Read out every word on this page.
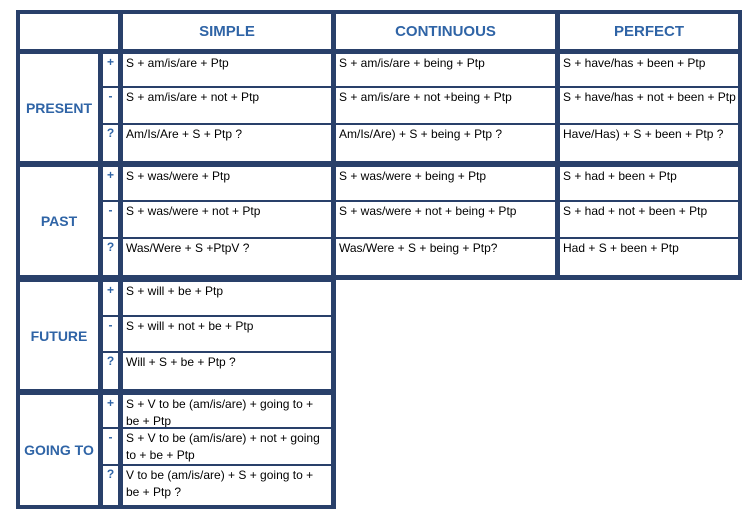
SIMPLE	CONTINUOUS	PERFECT
PRESENT
+
-
?
S + am/is/are + Ptp
S + am/is/are + not + Ptp
Am/Is/Are + S + Ptp ?
S + am/is/are + being + Ptp
S + am/is/are + not +being + Ptp
Am/Is/Are) + S + being + Ptp ?
S + have/has + been + Ptp
S + have/has + not + been + Ptp
Have/Has) + S + been + Ptp ?
PAST
+
-
?
S + was/were + Ptp
S + was/were + not + Ptp
Was/Were + S +PtpV ?
S + was/were + being + Ptp
S + was/were + not + being + Ptp
Was/Were + S + being + Ptp?
S + had + been + Ptp
S + had + not + been + Ptp
Had + S + been + Ptp
FUTURE
+
-
?
S + will + be + Ptp
S + will + not + be + Ptp
Will + S + be + Ptp ?
GOING TO
+
-
?
S + V to be (am/is/are) + going to + be + Ptp
S + V to be (am/is/are) + not + going to + be + Ptp
V to be (am/is/are) + S + going to + be + Ptp ?
